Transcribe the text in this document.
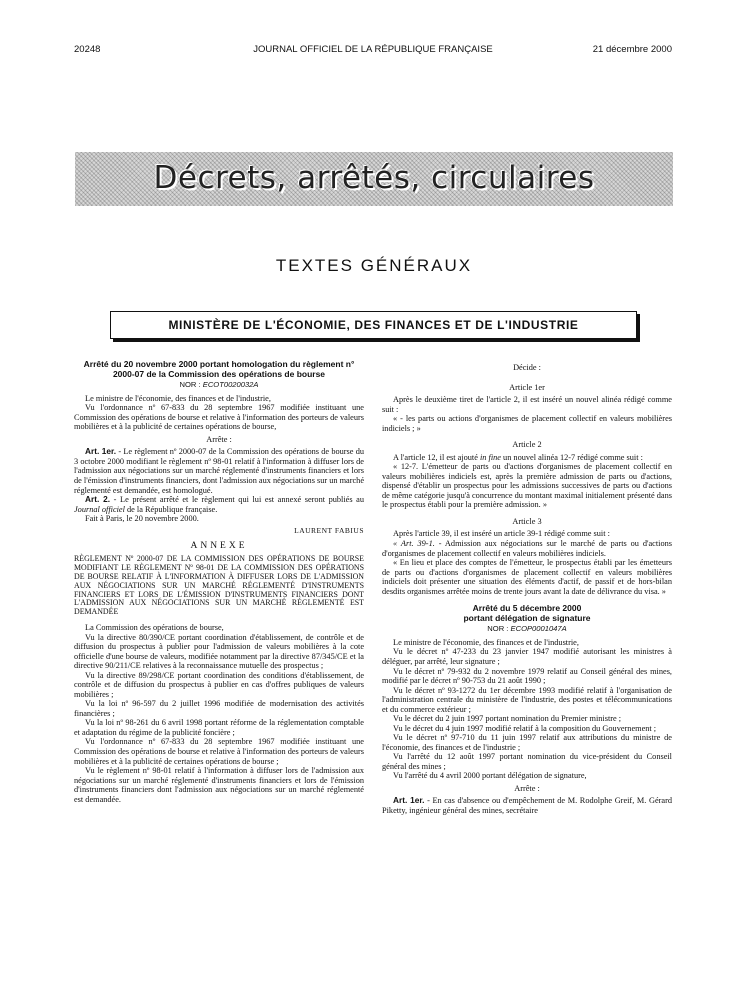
20248	JOURNAL OFFICIEL DE LA RÉPUBLIQUE FRANÇAISE	21 décembre 2000
Décrets, arrêtés, circulaires
TEXTES GÉNÉRAUX
MINISTÈRE DE L'ÉCONOMIE, DES FINANCES ET DE L'INDUSTRIE
Arrêté du 20 novembre 2000 portant homologation du règlement n° 2000-07 de la Commission des opérations de bourse
NOR : ECOT0020032A

Le ministre de l'économie, des finances et de l'industrie,

Vu l'ordonnance nº 67-833 du 28 septembre 1967 modifiée instituant une Commission des opérations de bourse et relative à l'information des porteurs de valeurs mobilières et à la publicité de certaines opérations de bourse,

Arrête :

Art. 1er. - Le règlement nº 2000-07 de la Commission des opérations de bourse du 3 octobre 2000 modifiant le règlement nº 98-01 relatif à l'information à diffuser lors de l'admission aux négociations sur un marché réglementé d'instruments financiers et lors de l'émission d'instruments financiers, dont l'admission aux négociations sur un marché réglementé est demandée, est homologué.

Art. 2. - Le présent arrêté et le règlement qui lui est annexé seront publiés au Journal officiel de la République française.

Fait à Paris, le 20 novembre 2000.

LAURENT FABIUS
ANNEXE

RÈGLEMENT Nº 2000-07 DE LA COMMISSION DES OPÉRATIONS DE BOURSE MODIFIANT LE RÈGLEMENT Nº 98-01 DE LA COMMISSION DES OPÉRATIONS DE BOURSE RELATIF À L'INFORMATION À DIFFUSER LORS DE L'ADMISSION AUX NÉGOCIATIONS SUR UN MARCHÉ RÉGLEMENTÉ D'INSTRUMENTS FINANCIERS ET LORS DE L'ÉMISSION D'INSTRUMENTS FINANCIERS DONT L'ADMISSION AUX NÉGOCIATIONS SUR UN MARCHÉ RÉGLEMENTÉ EST DEMANDÉE

La Commission des opérations de bourse,

Vu la directive 80/390/CE portant coordination d'établissement, de contrôle et de diffusion du prospectus à publier pour l'admission de valeurs mobilières à la cote officielle d'une bourse de valeurs, modifiée notamment par la directive 87/345/CE et la directive 90/211/CE relatives à la reconnaissance mutuelle des prospectus ;

Vu la directive 89/298/CE portant coordination des conditions d'établissement, de contrôle et de diffusion du prospectus à publier en cas d'offres publiques de valeurs mobilières ;

Vu la loi nº 96-597 du 2 juillet 1996 modifiée de modernisation des activités financières ;

Vu la loi nº 98-261 du 6 avril 1998 portant réforme de la réglementation comptable et adaptation du régime de la publicité foncière ;

Vu l'ordonnance nº 67-833 du 28 septembre 1967 modifiée instituant une Commission des opérations de bourse et relative à l'information des porteurs de valeurs mobilières et à la publicité de certaines opérations de bourse ;

Vu le règlement nº 98-01 relatif à l'information à diffuser lors de l'admission aux négociations sur un marché réglementé d'instruments financiers et lors de l'émission d'instruments financiers dont l'admission aux négociations sur un marché réglementé est demandée.

Décide :
Article 1er

Après le deuxième tiret de l'article 2, il est inséré un nouvel alinéa rédigé comme suit :

« - les parts ou actions d'organismes de placement collectif en valeurs mobilières indiciels ; »

Article 2

A l'article 12, il est ajouté in fine un nouvel alinéa 12-7 rédigé comme suit :

« 12-7. L'émetteur de parts ou d'actions d'organismes de placement collectif en valeurs mobilières indiciels est, après la première admission de parts ou d'actions, dispensé d'établir un prospectus pour les admissions successives de parts ou d'actions de même catégorie jusqu'à concurrence du montant maximal initialement présenté dans le prospectus établi pour la première admission. »

Article 3

Après l'article 39, il est inséré un article 39-1 rédigé comme suit :

« Art. 39-1. - Admission aux négociations sur le marché de parts ou d'actions d'organismes de placement collectif en valeurs mobilières indiciels.

« En lieu et place des comptes de l'émetteur, le prospectus établi par les émetteurs de parts ou d'actions d'organismes de placement collectif en valeurs mobilières indiciels doit présenter une situation des éléments d'actif, de passif et de hors-bilan desdits organismes arrêtée moins de trente jours avant la date de délivrance du visa. »

Arrêté du 5 décembre 2000
portant délégation de signature
NOR : ECOP0001047A

Le ministre de l'économie, des finances et de l'industrie,

Vu le décret nº 47-233 du 23 janvier 1947 modifié autorisant les ministres à déléguer, par arrêté, leur signature ;

Vu le décret nº 79-932 du 2 novembre 1979 relatif au Conseil général des mines, modifié par le décret nº 90-753 du 21 août 1990 ;

Vu le décret nº 93-1272 du 1er décembre 1993 modifié relatif à l'organisation de l'administration centrale du ministère de l'industrie, des postes et télécommunications et du commerce extérieur ;

Vu le décret du 2 juin 1997 portant nomination du Premier ministre ;

Vu le décret du 4 juin 1997 modifié relatif à la composition du Gouvernement ;

Vu le décret nº 97-710 du 11 juin 1997 relatif aux attributions du ministre de l'économie, des finances et de l'industrie ;

Vu l'arrêté du 12 août 1997 portant nomination du vice-président du Conseil général des mines ;

Vu l'arrêté du 4 avril 2000 portant délégation de signature,

Arrête :

Art. 1er. - En cas d'absence ou d'empêchement de M. Rodolphe Greif, M. Gérard Piketty, ingénieur général des mines, secrétaire
